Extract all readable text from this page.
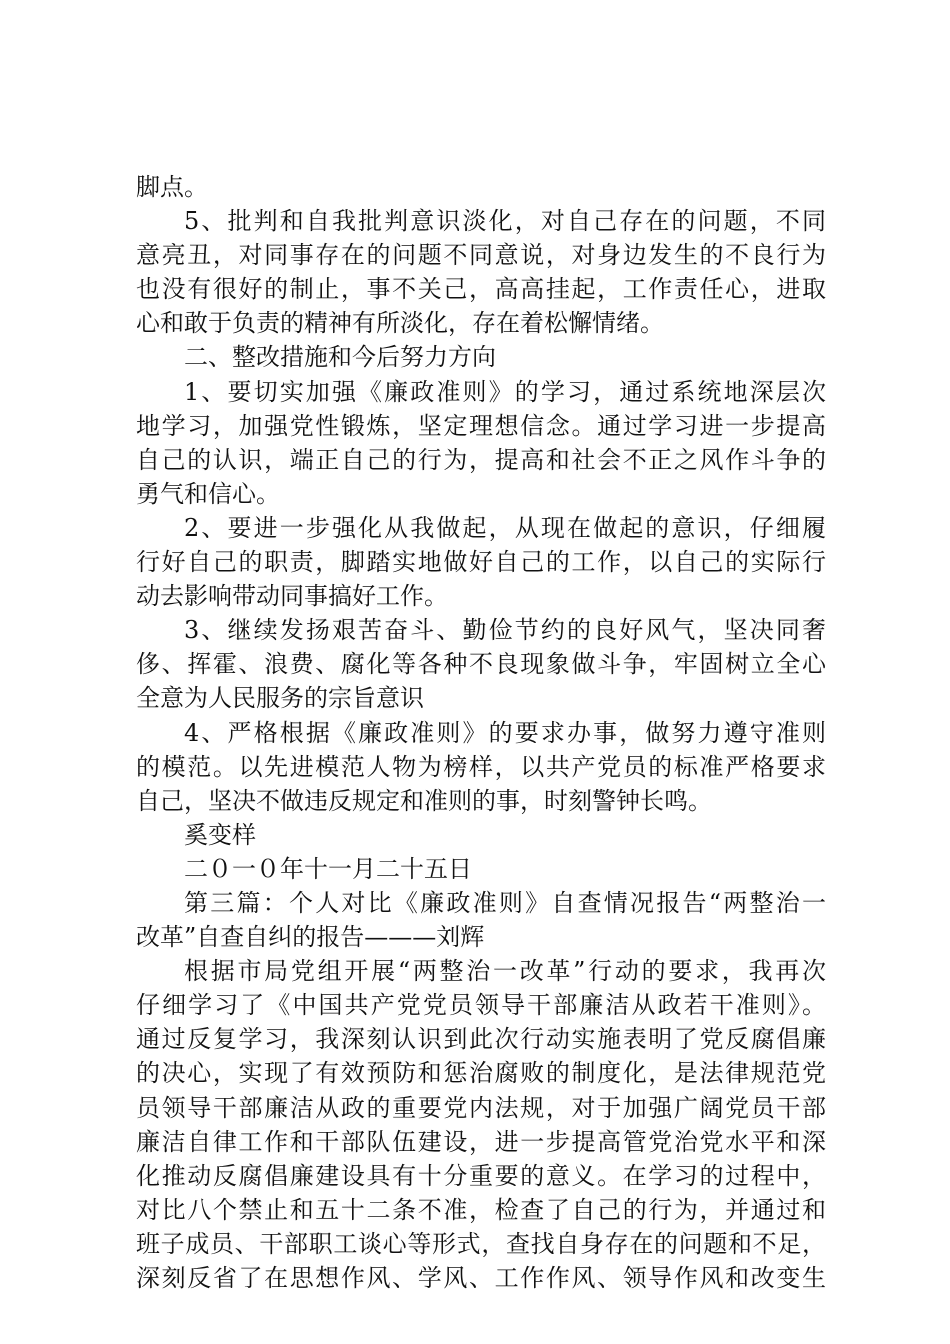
脚点。
5、批判和自我批判意识淡化，对自己存在的问题，不同
意亮丑，对同事存在的问题不同意说，对身边发生的不良行为
也没有很好的制止，事不关己，高高挂起，工作责任心，进取
心和敢于负责的精神有所淡化，存在着松懈情绪。
二、整改措施和今后努力方向
1、要切实加强《廉政准则》的学习，通过系统地深层次
地学习，加强党性锻炼，坚定理想信念。通过学习进一步提高
自己的认识，端正自己的行为，提高和社会不正之风作斗争的
勇气和信心。
2、要进一步强化从我做起，从现在做起的意识，仔细履
行好自己的职责，脚踏实地做好自己的工作，以自己的实际行
动去影响带动同事搞好工作。
3、继续发扬艰苦奋斗、勤俭节约的良好风气，坚决同奢
侈、挥霍、浪费、腐化等各种不良现象做斗争，牢固树立全心
全意为人民服务的宗旨意识
4、严格根据《廉政准则》的要求办事，做努力遵守准则
的模范。以先进模范人物为榜样，以共产党员的标准严格要求
自己，坚决不做违反规定和准则的事，时刻警钟长鸣。
奚变样
二０一０年十一月二十五日
第三篇：个人对比《廉政准则》自查情况报告“两整治一
改革”自查自纠的报告———刘辉
根据市局党组开展“两整治一改革”行动的要求，我再次
仔细学习了《中国共产党党员领导干部廉洁从政若干准则》。
通过反复学习，我深刻认识到此次行动实施表明了党反腐倡廉
的决心，实现了有效预防和惩治腐败的制度化，是法律规范党
员领导干部廉洁从政的重要党内法规，对于加强广阔党员干部
廉洁自律工作和干部队伍建设，进一步提高管党治党水平和深
化推动反腐倡廉建设具有十分重要的意义。在学习的过程中，
对比八个禁止和五十二条不准，检查了自己的行为，并通过和
班子成员、干部职工谈心等形式，查找自身存在的问题和不足，
深刻反省了在思想作风、学风、工作作风、领导作风和改变生
